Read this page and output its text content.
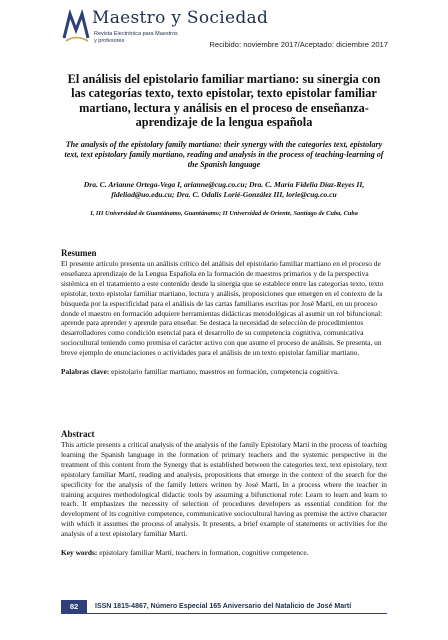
Maestro y Sociedad
Revista Electrónica para Maestros
y profesores	Recibido: noviembre 2017/Aceptado: diciembre 2017
El análisis del epistolario familiar martiano: su sinergia con las categorías texto, texto epistolar, texto epistolar familiar martiano, lectura y análisis en el proceso de enseñanza-aprendizaje de la lengua española

The analysis of the epistolary family martiano: their synergy with the categories text, epistolary text, text epistolary family martiano, reading and analysis in the process of teaching-learning of the Spanish language

Dra. C. Arianne Ortega-Vega I, arianne@cug.co.cu; Dra. C. María Fidelia Díaz-Reyes II, fideliad@uo.edu.cu; Dra. C. Odalis Lorié-González III, lorie@cug.co.cu

I, III Universidad de Guantánamo, Guantánamo; II Universidad de Oriente, Santiago de Cuba, Cuba

Resumen

El presente artículo presenta un análisis crítico del análisis del epistolario familiar martiano en el proceso de enseñanza aprendizaje de la Lengua Española en la formación de maestros primarios y de la perspectiva sistémica en el tratamiento a este contenido desde la sinergia que se establece entre las categorías texto, texto epistolar, texto epistolar familiar martiano, lectura y análisis, proposiciones que emergen en el contexto de la búsqueda por la especificidad para el análisis de las cartas familiares escritas por José Martí, en un proceso donde el maestro en formación adquiere herramientas didácticas metodológicas al asumir un rol bifuncional: aprende para aprender y aprende para enseñar. Se destaca la necesidad de selección de procedimientos desarrolladores como condición esencial para el desarrollo de su competencia cognitiva, comunicativa sociocultural teniendo como premisa el carácter activo con que asume el proceso de análisis. Se presenta, un breve ejemplo de enunciaciones o actividades para el análisis de un texto epistolar familiar martiano.

Palabras clave: epistolario familiar martiano, maestros en formación, competencia cognitiva.

Abstract

This article presents a critical analysis of the analysis of the family Epistolary Martí in the process of teaching learning the Spanish language in the formation of primary teachers and the systemic perspective in the treatment of this content from the Synergy that is established between the categories text, text epistolary, text epistolary familiar Martí, reading and analysis, propositions that emerge in the context of the search for the specificity for the analysis of the family letters written by José Martí, In a process where the teacher in training acquires methodological didactic tools by assuming a bifunctional role: Learn to learn and learn to teach. It emphasizes the necessity of selection of procedures developers as essential condition for the development of its cognitive competence, communicative sociocultural having as premise the active character with which it assumes the process of analysis. It presents, a brief example of statements or activities for the analysis of a text epistolary familiar Martí.

Key words: epistolary familiar Martí, teachers in formation, cognitive competence.

82	ISSN 1815-4867, Número Especial 165 Aniversario del Natalicio de José Martí
